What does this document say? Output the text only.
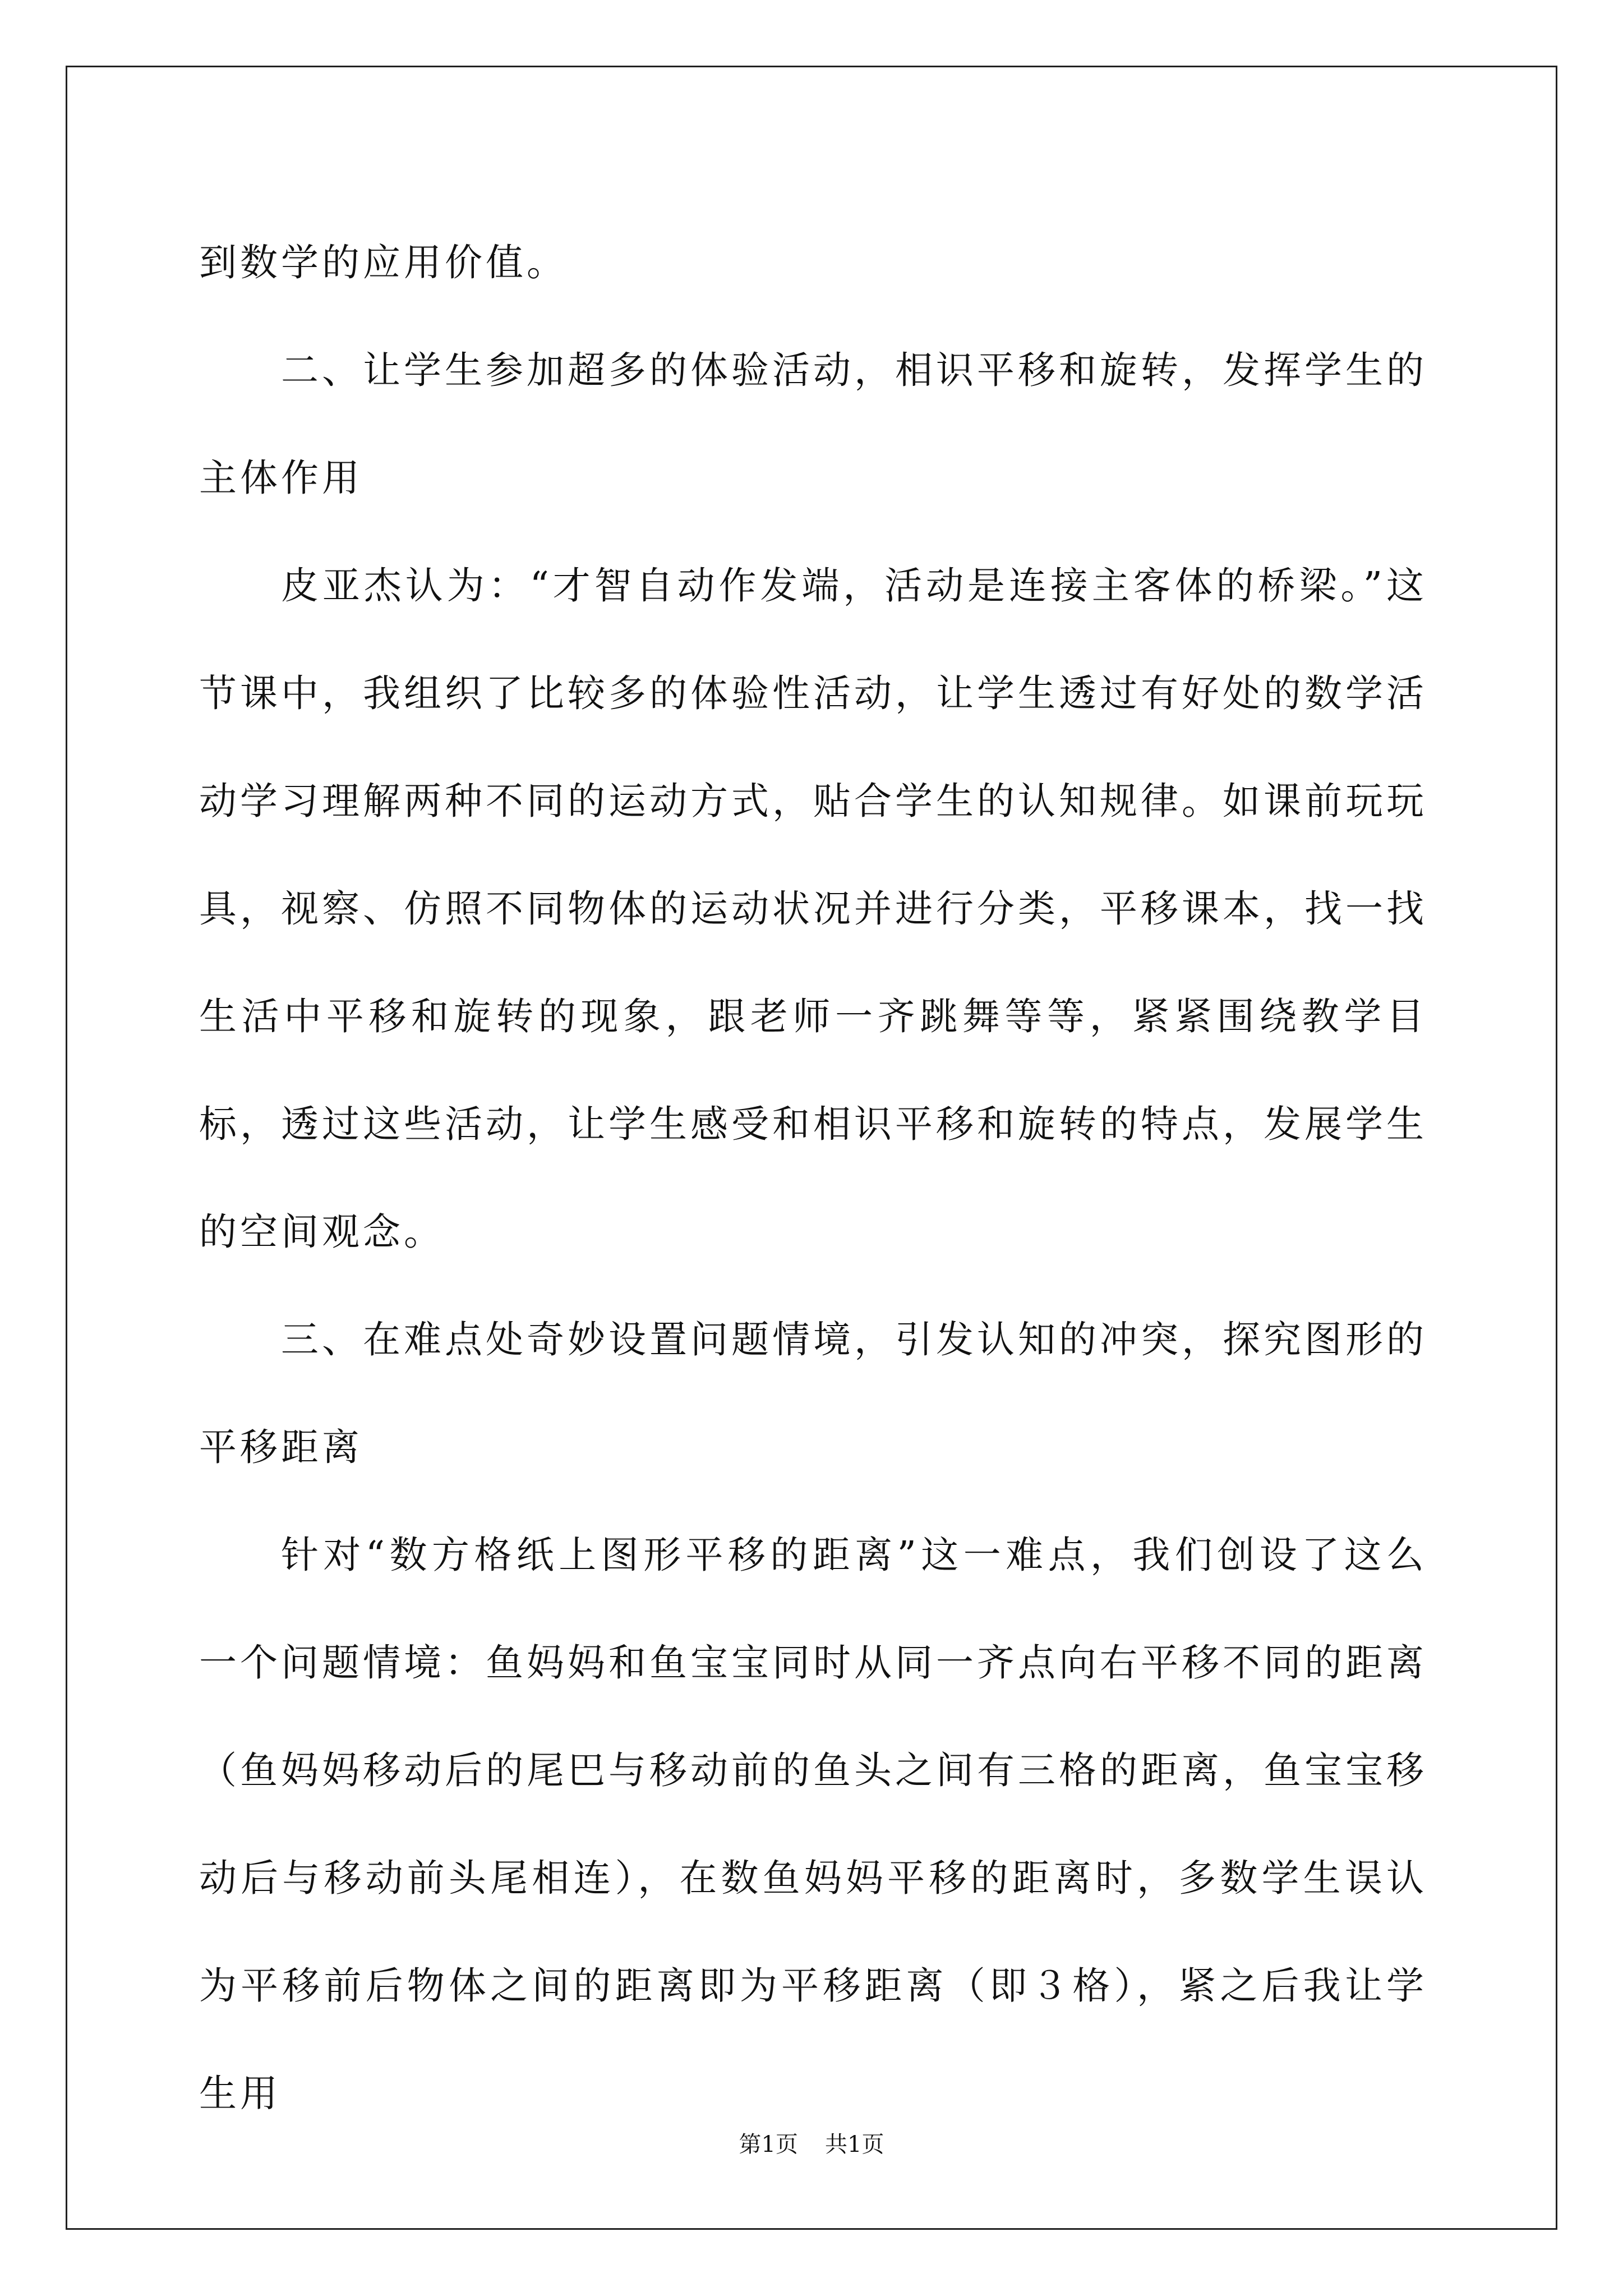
到数学的应用价值。

二、让学生参加超多的体验活动，相识平移和旋转，发挥学生的主体作用

皮亚杰认为：“才智自动作发端，活动是连接主客体的桥梁。”这节课中，我组织了比较多的体验性活动，让学生透过有好处的数学活动学习理解两种不同的运动方式，贴合学生的认知规律。如课前玩玩具，视察、仿照不同物体的运动状况并进行分类，平移课本，找一找生活中平移和旋转的现象，跟老师一齐跳舞等等，紧紧围绕教学目标，透过这些活动，让学生感受和相识平移和旋转的特点，发展学生的空间观念。

三、在难点处奇妙设置问题情境，引发认知的冲突，探究图形的平移距离

针对“数方格纸上图形平移的距离”这一难点，我们创设了这么一个问题情境：鱼妈妈和鱼宝宝同时从同一齐点向右平移不同的距离（鱼妈妈移动后的尾巴与移动前的鱼头之间有三格的距离，鱼宝宝移动后与移动前头尾相连），在数鱼妈妈平移的距离时，多数学生误认为平移前后物体之间的距离即为平移距离（即３格），紧之后我让学生用

第1页 共1页
